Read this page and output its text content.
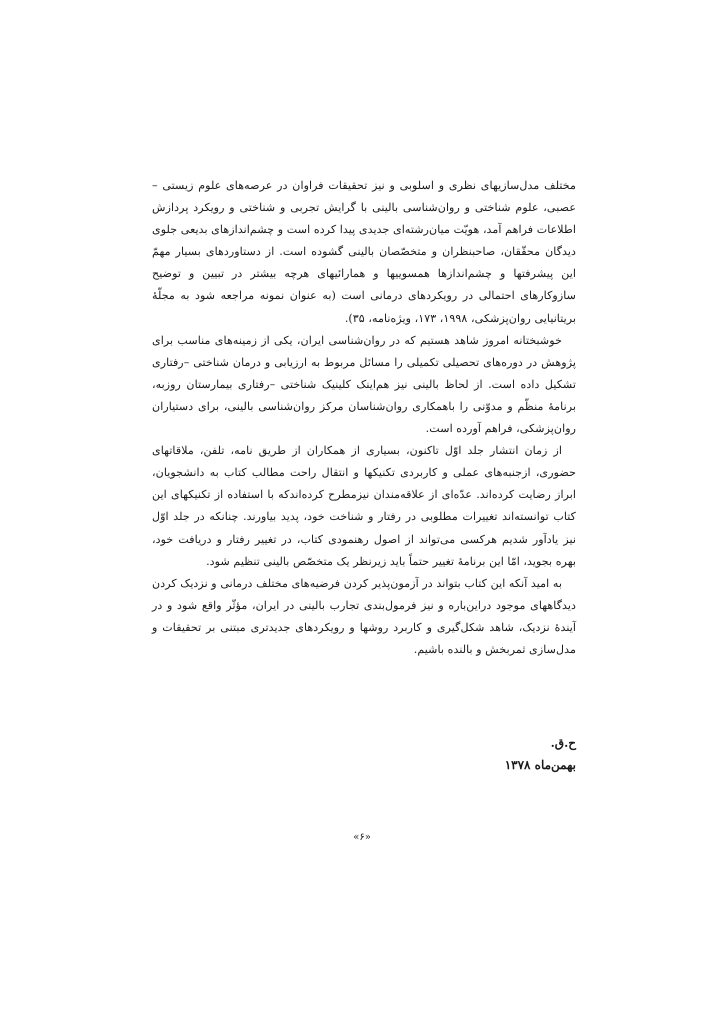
مختلف مدل‌سازیهای نظری و اسلوبی و نیز تحقیقات فراوان در عرصه‌های علوم زیستی –عصبی، علوم شناختی و روان‌شناسی بالینی با گرایش تجربی و شناختی و رویکرد پردازش اطلاعات فراهم آمد، هویّت میان‌رشته‌ای جدیدی پیدا کرده است و چشم‌اندازهای بدیعی جلوی دیدگان محقّقان، صاحبنظران و متخصّصان بالینی گشوده است. از دستاوردهای بسیار مهمّ این پیشرفتها و چشم‌اندازها همسوییها و همارائیهای هرچه بیشتر در تبیین و توضیح سازوکارهای احتمالی در رویکردهای درمانی است (به عنوان نمونه مراجعه شود به مجلّهٔ بریتانیایی روان‌پزشکی، ۱۹۹۸، ۱۷۳، ویژه‌نامه، ۳۵).

خوشبختانه امروز شاهد هستیم که در روان‌شناسی ایران، یکی از زمینه‌های مناسب برای پژوهش در دوره‌های تحصیلی تکمیلی را مسائل مربوط به ارزیابی و درمان شناختی –رفتاری تشکیل داده است. از لحاظ بالینی نیز هم‌اینک کلینیک شناختی –رفتاری بیمارستان روزبه، برنامهٔ منظّم و مدوّنی را باهمکاری روان‌شناسان مرکز روان‌شناسی بالینی، برای دستیاران روان‌پزشکی، فراهم آورده است.

از زمان انتشار جلد اوّل تاکنون، بسیاری از همکاران از طریق نامه، تلفن، ملاقاتهای حضوری، ازجنبه‌های عملی و کاربردی تکنیکها و انتقال راحت مطالب کتاب به دانشجویان، ابراز رضایت کرده‌اند. عدّه‌ای از علاقه‌مندان نیزمطرح کرده‌اندکه با استفاده از تکنیکهای این کتاب توانسته‌اند تغییرات مطلوبی در رفتار و شناخت خود، پدید بیاورند. چنانکه در جلد اوّل نیز یادآور شدیم هرکسی می‌تواند از اصول رهنمودی کتاب، در تغییر رفتار و دریافت خود، بهره بجوید، امّا این برنامهٔ تغییر حتماً باید زیرنظر یک متخصّص بالینی تنظیم شود.

به امید آنکه این کتاب بتواند در آزمون‌پذیر کردن فرضیه‌های مختلف درمانی و نزدیک کردن دیدگاههای موجود دراین‌باره و نیز فرمول‌بندی تجارب بالینی در ایران، مؤثّر واقع شود و در آیندهٔ نزدیک، شاهد شکل‌گیری و کاربرد روشها و رویکردهای جدیدتری مبتنی بر تحقیقات و مدل‌سازی ثمربخش و بالنده باشیم.

ح.ق.
بهمن‌ماه ۱۳۷۸
«۶»
